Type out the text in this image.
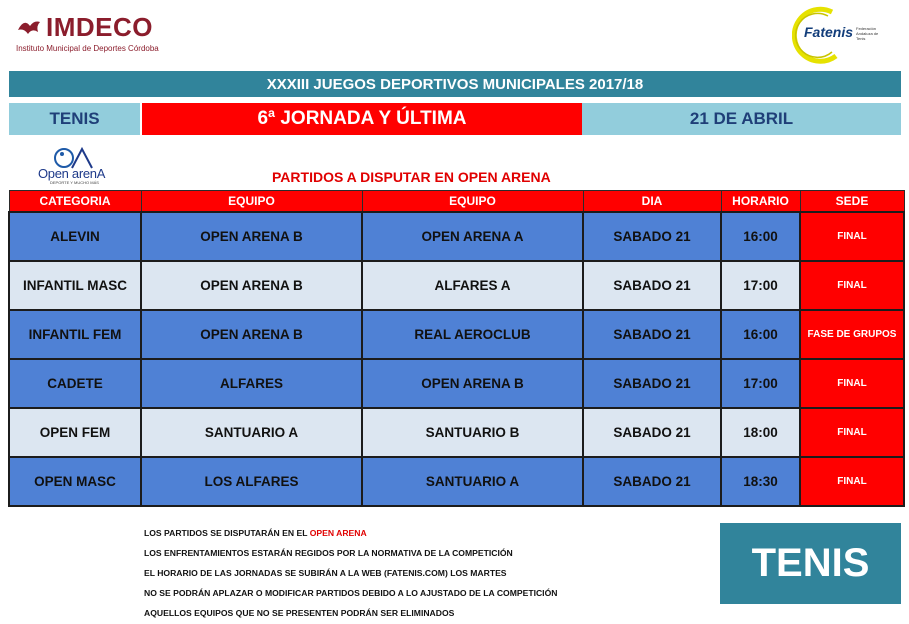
IMDECO
Instituto Municipal de Deportes Córdoba
Fatenis Federación Andaluza de Tenis
XXXIII JUEGOS DEPORTIVOS MUNICIPALES 2017/18
TENIS	6ª JORNADA Y ÚLTIMA	21 DE ABRIL
Open arenA
DEPORTE Y MUCHO MÁS	PARTIDOS A DISPUTAR EN OPEN ARENA
CATEGORIA	EQUIPO	EQUIPO	DIA	HORARIO	SEDE
ALEVIN	OPEN ARENA B	OPEN ARENA A	SABADO 21	16:00	FINAL
INFANTIL MASC	OPEN ARENA B	ALFARES A	SABADO 21	17:00	FINAL
INFANTIL FEM	OPEN ARENA B	REAL AEROCLUB	SABADO 21	16:00	FASE DE GRUPOS
CADETE	ALFARES	OPEN ARENA B	SABADO 21	17:00	FINAL
OPEN FEM	SANTUARIO A	SANTUARIO B	SABADO 21	18:00	FINAL
OPEN MASC	LOS ALFARES	SANTUARIO A	SABADO 21	18:30	FINAL
LOS PARTIDOS SE DISPUTARÁN EN EL OPEN ARENA
LOS ENFRENTAMIENTOS ESTARÁN REGIDOS POR LA NORMATIVA DE LA COMPETICIÓN
EL HORARIO DE LAS JORNADAS SE SUBIRÁN A LA WEB (FATENIS.COM) LOS MARTES
NO SE PODRÁN APLAZAR O MODIFICAR PARTIDOS DEBIDO A LO AJUSTADO DE LA COMPETICIÓN
AQUELLOS EQUIPOS QUE NO SE PRESENTEN PODRÁN SER ELIMINADOS
TENIS
